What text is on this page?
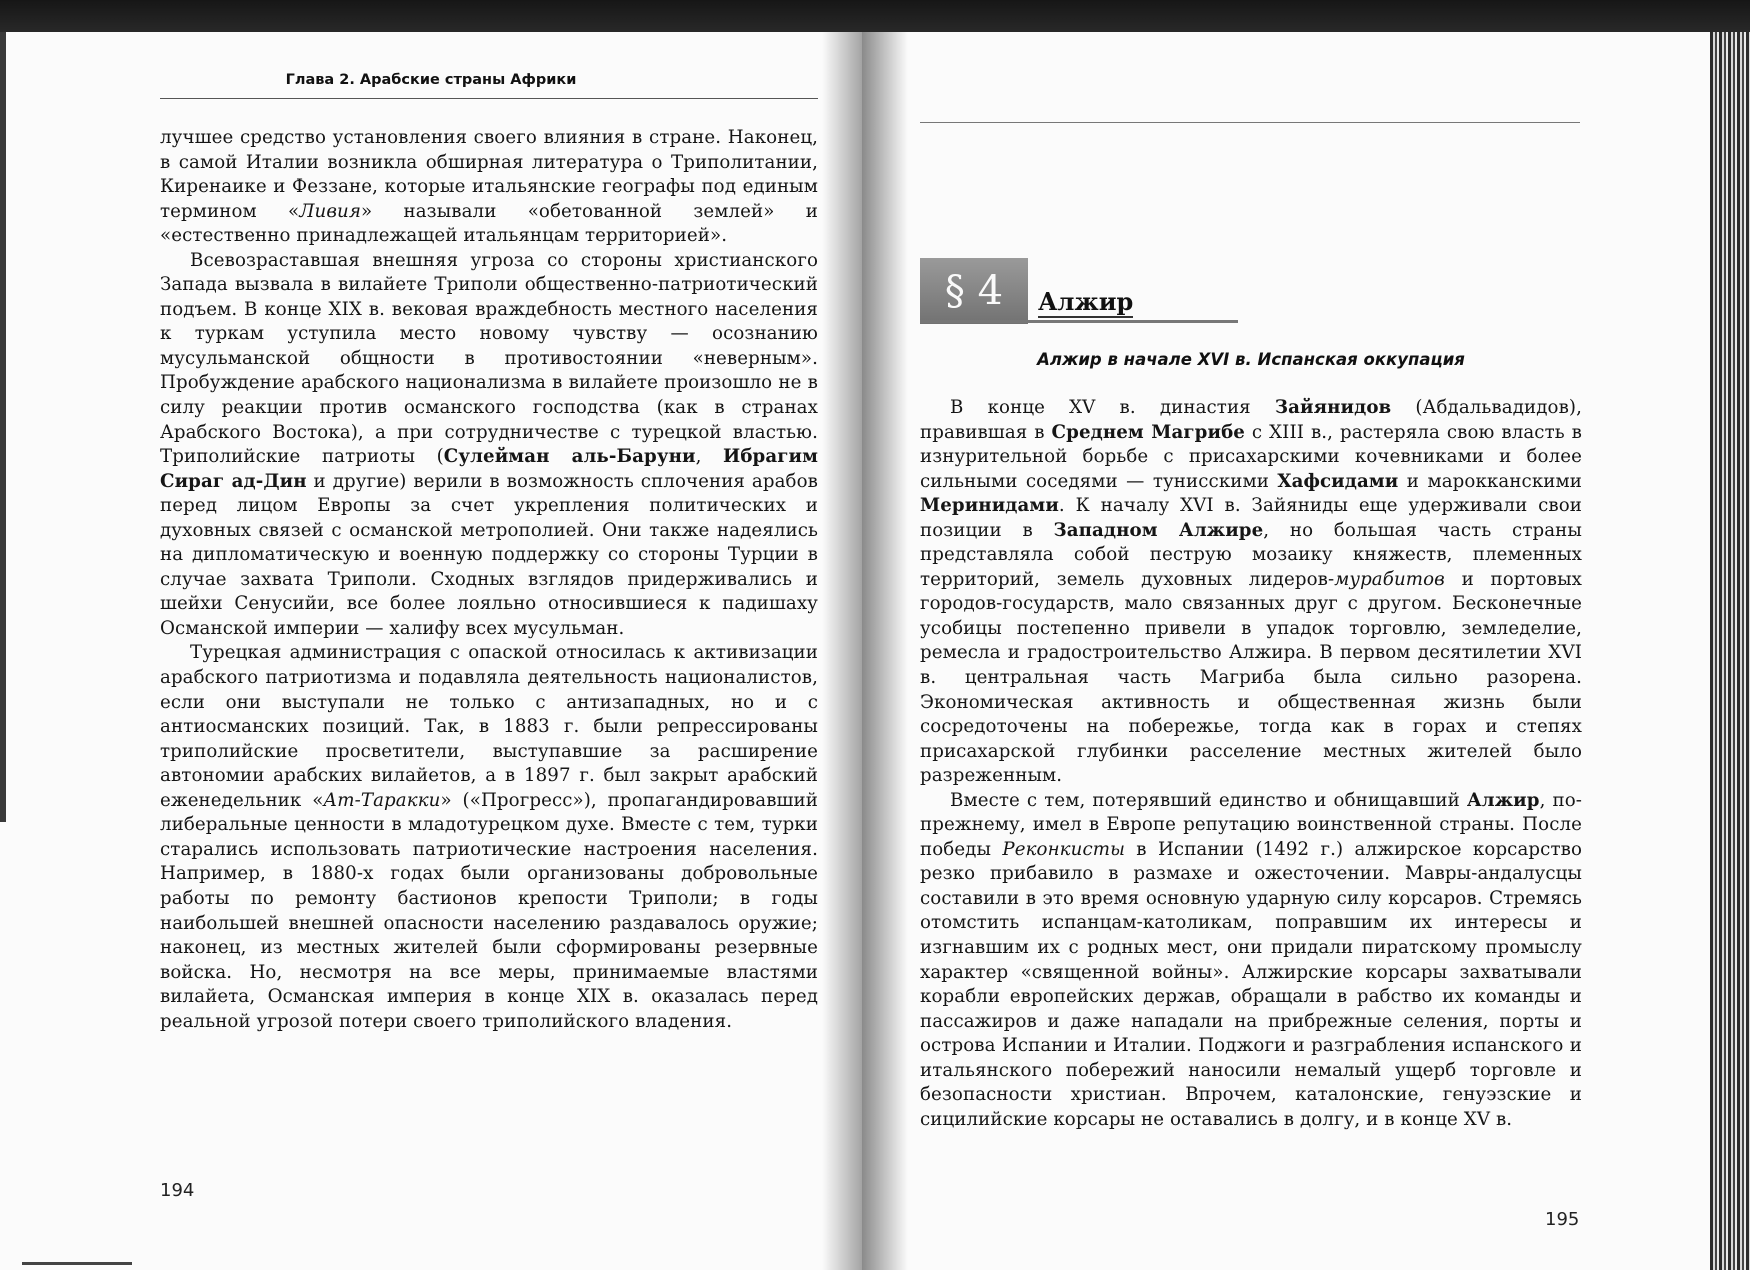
§ 4 Алжир
Алжир в начале XVI в. Испанская оккупация

В конце XV в. династия Зайянидов (Абдальвадидов), правившая в Среднем Магрибе с XIII в., растеряла свою власть в изнурительной борьбе с присахарскими кочевниками и более сильными соседями — тунисскими Хафсидами и марокканскими Меринидами. К началу XVI в. Зайяниды еще удерживали свои позиции в Западном Алжире, но большая часть страны представляла собой пеструю мозаику княжеств, племенных территорий, земель духовных лидеров-мурабитов и портовых городов-государств, мало связанных друг с другом. Бесконечные усобицы постепенно привели в упадок торговлю, земледелие, ремесла и градостроительство Алжира. В первом десятилетии XVI в. центральная часть Магриба была сильно разорена. Экономическая активность и общественная жизнь были сосредоточены на побережье, тогда как в горах и степях присахарской глубинки расселение местных жителей было разреженным.

Вместе с тем, потерявший единство и обнищавший Алжир, по-прежнему, имел в Европе репутацию воинственной страны. После победы Реконкисты в Испании (1492 г.) алжирское корсарство резко прибавило в размахе и ожесточении. Мавры-андалусцы составили в это время основную ударную силу корсаров. Стремясь отомстить испанцам-католикам, поправшим их интересы и изгнавшим их с родных мест, они придали пиратскому промыслу характер «священной войны». Алжирские корсары захватывали корабли европейских держав, обращали в рабство их команды и пассажиров и даже нападали на прибрежные селения, порты и острова Испании и Италии. Поджоги и разграбления испанского и итальянского побережий наносили немалый ущерб торговле и безопасности христиан. Впрочем, каталонские, генуэзские и сицилийские корсары не оставались в долгу, и в конце XV в.

195
Глава 2. Арабские страны Африки

лучшее средство установления своего влияния в стране. Наконец, в самой Италии возникла обширная литература о Триполитании, Киренаике и Феззане, которые итальянские географы под единым термином «Ливия» называли «обетованной землей» и «естественно принадлежащей итальянцам территорией».

Всевозраставшая внешняя угроза со стороны христианского Запада вызвала в вилайете Триполи общественно-патриотический подъем. В конце XIX в. вековая враждебность местного населения к туркам уступила место новому чувству — осознанию мусульманской общности в противостоянии «неверным». Пробуждение арабского национализма в вилайете произошло не в силу реакции против османского господства (как в странах Арабского Востока), а при сотрудничестве с турецкой властью. Триполийские патриоты (Сулейман аль-Баруни, Ибрагим Сираг ад-Дин и другие) верили в возможность сплочения арабов перед лицом Европы за счет укрепления политических и духовных связей с османской метрополией. Они также надеялись на дипломатическую и военную поддержку со стороны Турции в случае захвата Триполи. Сходных взглядов придерживались и шейхи Сенусийи, все более лояльно относившиеся к падишаху Османской империи — халифу всех мусульман.

Турецкая администрация с опаской относилась к активизации арабского патриотизма и подавляла деятельность националистов, если они выступали не только с антизападных, но и с антиосманских позиций. Так, в 1883 г. были репрессированы триполийские просветители, выступавшие за расширение автономии арабских вилайетов, а в 1897 г. был закрыт арабский еженедельник «Ат-Таракки» («Прогресс»), пропагандировавший либеральные ценности в младотурецком духе. Вместе с тем, турки старались использовать патриотические настроения населения. Например, в 1880-х годах были организованы добровольные работы по ремонту бастионов крепости Триполи; в годы наибольшей внешней опасности населению раздавалось оружие; наконец, из местных жителей были сформированы резервные войска. Но, несмотря на все меры, принимаемые властями вилайета, Османская империя в конце XIX в. оказалась перед реальной угрозой потери своего триполийского владения.

194
